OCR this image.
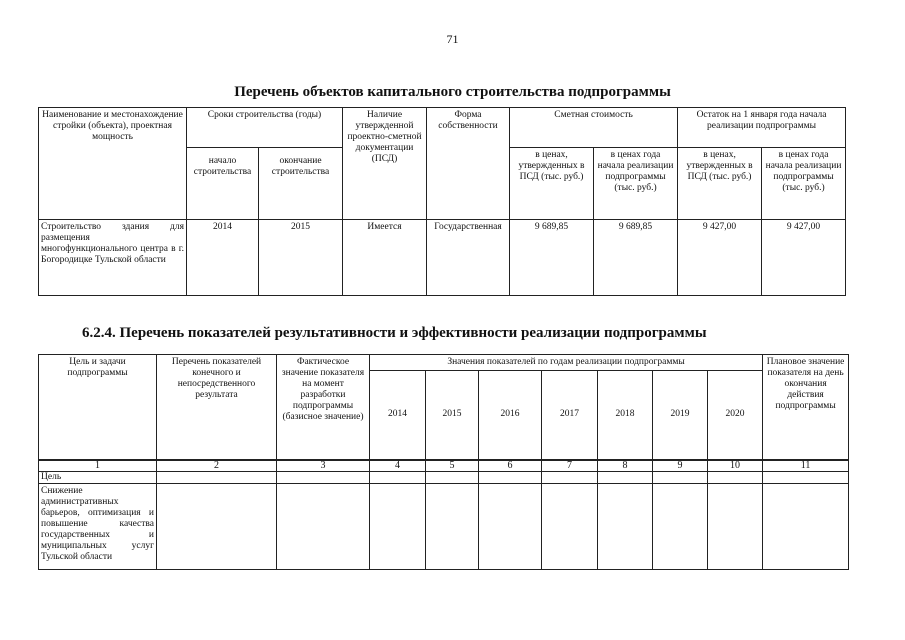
71
Перечень объектов капитального строительства подпрограммы
Наименование и местонахождение стройки (объекта), проектная мощность	Сроки строительства (годы)		Наличие утвержденной проектно-сметной документации (ПСД)	Форма собственности	Сметная стоимость		Остаток на 1 января года начала реализации подпрограммы	
	начало строительства	окончание строительства			в ценах, утвержденных в ПСД (тыс. руб.)	в ценах года начала реализации подпрограммы (тыс. руб.)	в ценах, утвержденных в ПСД (тыс. руб.)	в ценах года начала реализации подпрограммы (тыс. руб.)
Строительство здания для размещения многофункционального центра в г. Богородицке Тульской области	2014	2015	Имеется	Государственная	9 689,85	9 689,85	9 427,00	9 427,00
6.2.4. Перечень показателей результативности и эффективности реализации подпрограммы
Цель и задачи подпрограммы	Перечень показателей конечного и непосредственного результата	Фактическое значение показателя на момент разработки подпрограммы (базисное значение)	Значения показателей по годам реализации подпрограммы							Плановое значение показателя на день окончания действия подпрограммы
			2014	2015	2016	2017	2018	2019	2020	
1	2	3	4	5	6	7	8	9	10	11
Цель										
Снижение административных барьеров, оптимизация и повышение качества государственных и муниципальных услуг Тульской области										
